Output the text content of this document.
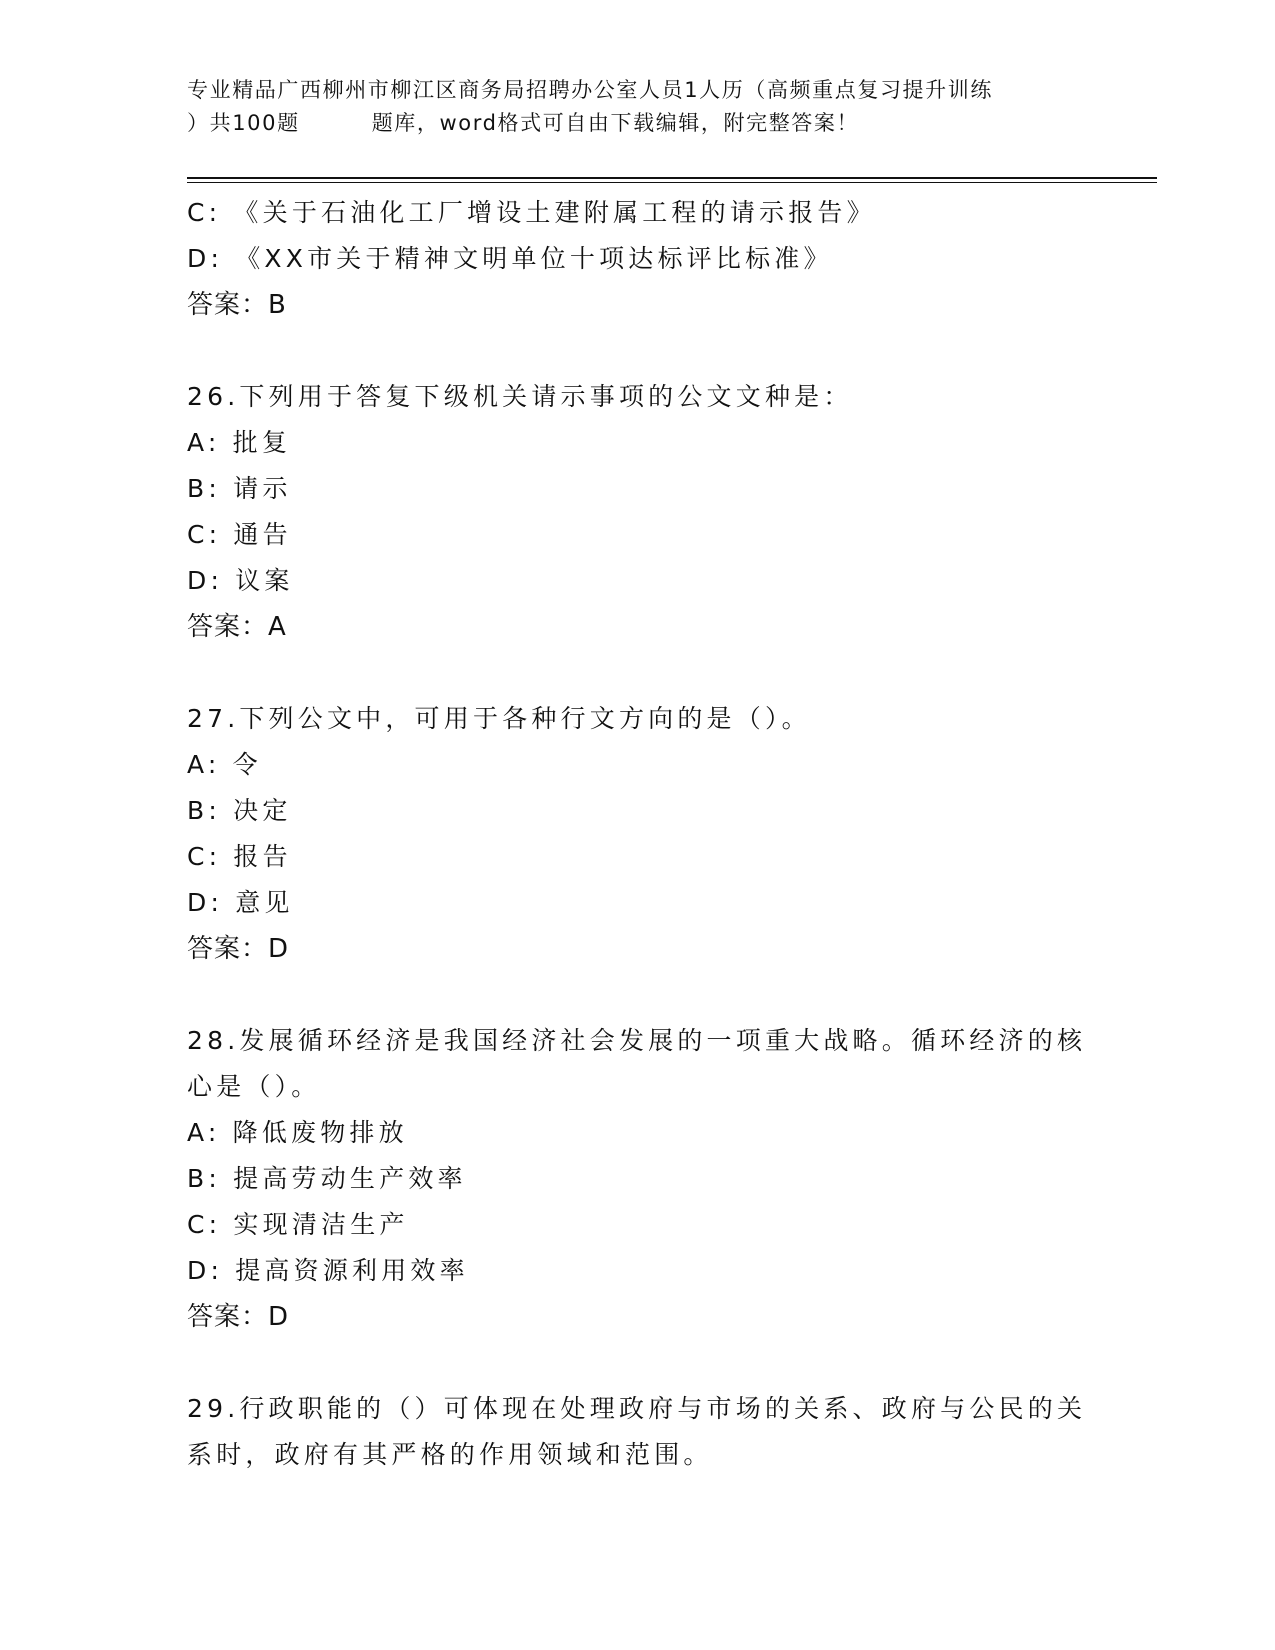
专业精品广西柳州市柳江区商务局招聘办公室人员1人历（高频重点复习提升训练
）共100题	题库，word格式可自由下载编辑，附完整答案！
C: 《关于石油化工厂增设土建附属工程的请示报告》
D: 《XX市关于精神文明单位十项达标评比标准》
答案：B
26.下列用于答复下级机关请示事项的公文文种是：
A: 批复
B: 请示
C: 通告
D: 议案
答案：A
27.下列公文中，可用于各种行文方向的是（）。
A: 令
B: 决定
C: 报告
D: 意见
答案：D
28.发展循环经济是我国经济社会发展的一项重大战略。循环经济的核
心是（）。
A: 降低废物排放
B: 提高劳动生产效率
C: 实现清洁生产
D: 提高资源利用效率
答案：D
29.行政职能的（）可体现在处理政府与市场的关系、政府与公民的关
系时，政府有其严格的作用领域和范围。
